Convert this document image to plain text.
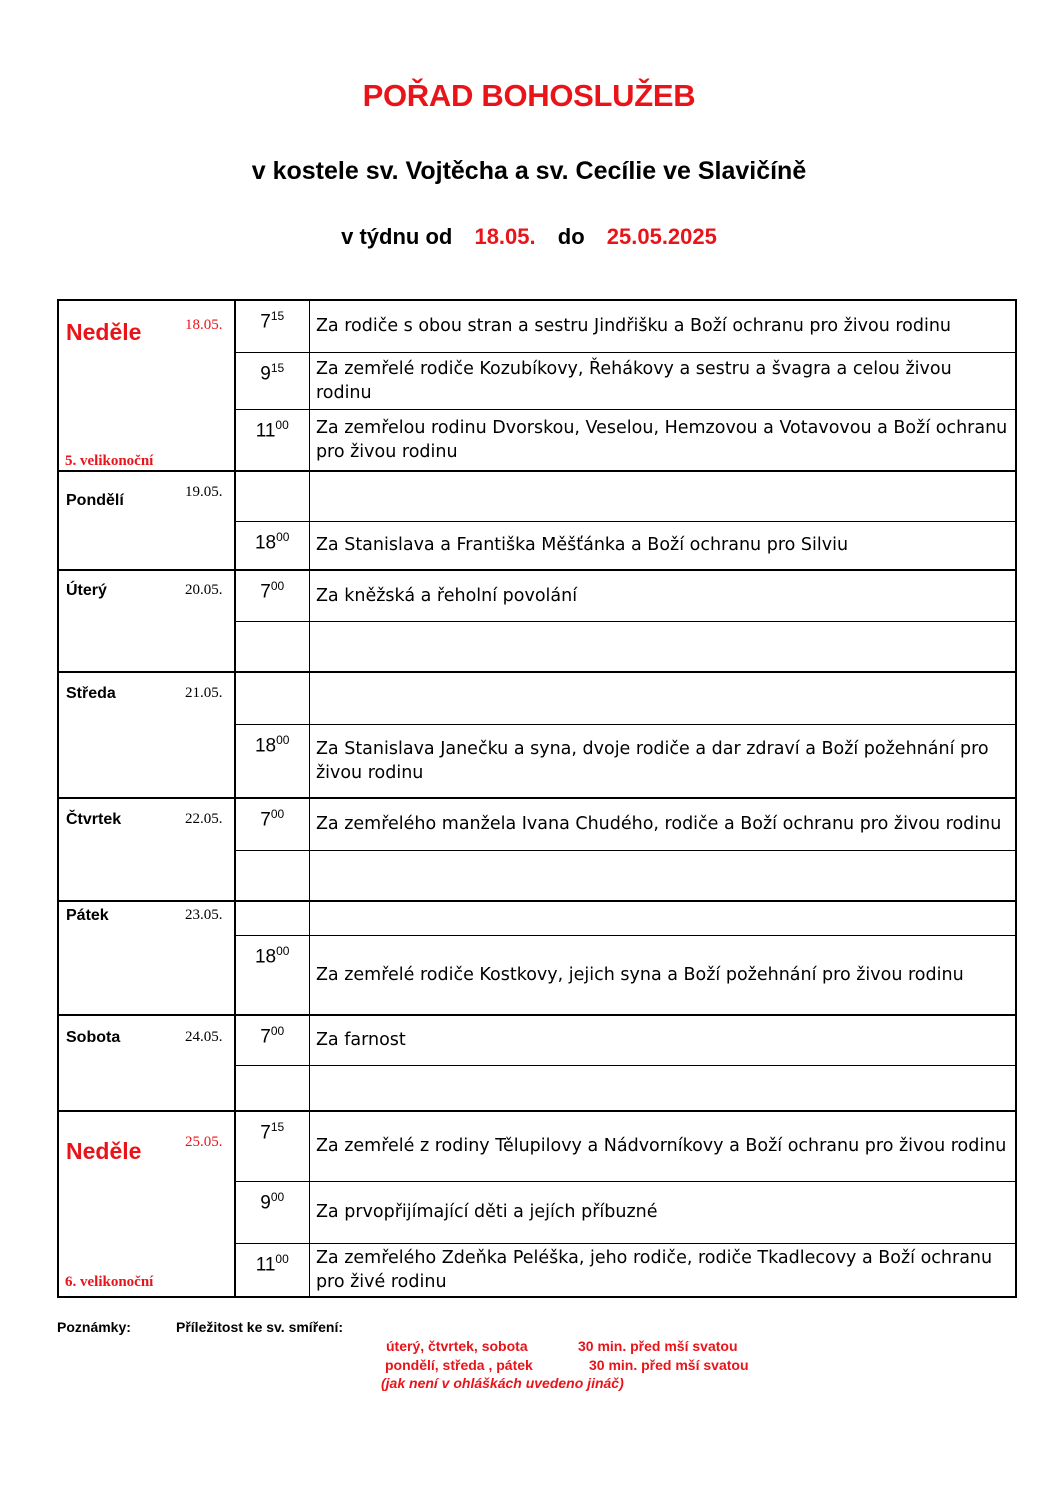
POŘAD BOHOSLUŽEB
v kostele sv. Vojtěcha a sv. Cecílie ve Slavičíně
v týdnu od 18.05. do 25.05.2025
Neděle 18.05.
5. velikonoční	$7^{15}$	Za rodiče s obou stran a sestru Jindřišku a Boží ochranu pro živou rodinu
	$9^{15}$	Za zemřelé rodiče Kozubíkovy, Řehákovy a sestru a švagra a celou živou rodinu
	$11^{00}$	Za zemřelou rodinu Dvorskou, Veselou, Hemzovou a Votavovou a Boží ochranu pro živou rodinu

Pondělí 19.05.		

	$18^{00}$	Za Stanislava a Františka Měšťánka a Boží ochranu pro Silviu

Úterý 20.05.	$7^{00}$	Za kněžská a řeholní povolání

Středa 21.05.		

	$18^{00}$	Za Stanislava Janečku a syna, dvoje rodiče a dar zdraví a Boží požehnání pro živou rodinu

Čtvrtek 22.05.	$7^{00}$	Za zemřelého manžela Ivana Chudého, rodiče a Boží ochranu pro živou rodinu

Pátek 23.05.		

	$18^{00}$	Za zemřelé rodiče Kostkovy, jejich syna a Boží požehnání pro živou rodinu

Sobota 24.05.	$7^{00}$	Za farnost

Neděle 25.05.
6. velikonoční	$7^{15}$	Za zemřelé z rodiny Tělupilovy a Nádvorníkovy a Boží ochranu pro živou rodinu
	$9^{00}$	Za prvopřijímající děti a jejích příbuzné
	$11^{00}$	Za zemřelého Zdeňka Peléška, jeho rodiče, rodiče Tkadlecovy a Boží ochranu pro živé rodinu
Poznámky:	Příležitost ke sv. smíření:
úterý, čtvrtek, sobota	30 min. před mší svatou
pondělí, středa , pátek	30 min. před mší svatou
(jak není v ohláškách uvedeno jináč)
